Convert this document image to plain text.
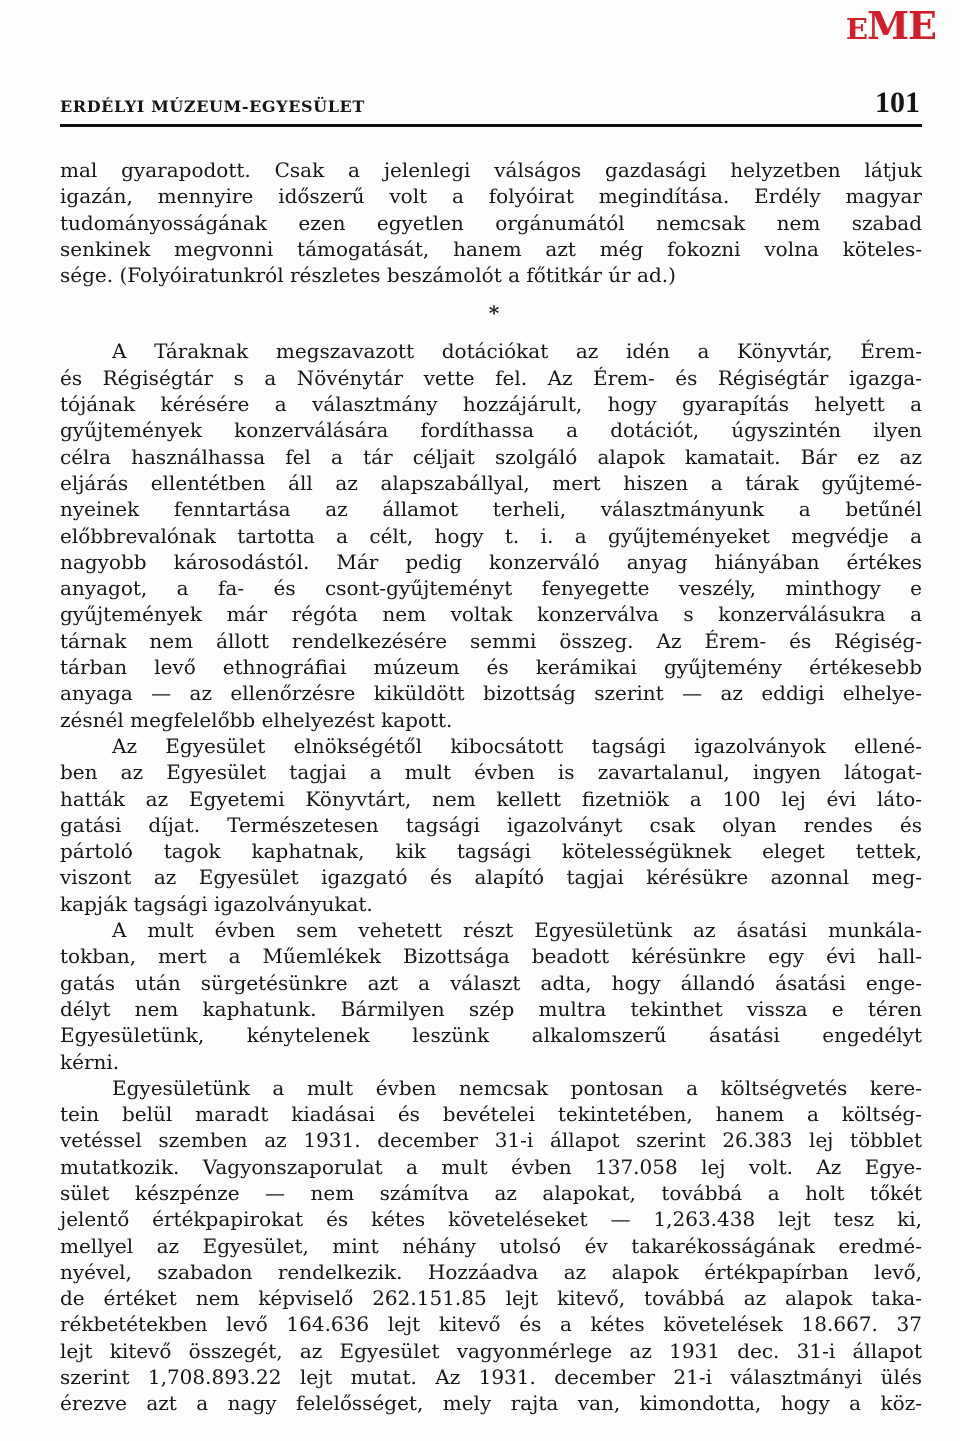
EME
ERDÉLYI MÚZEUM-EGYESÜLET	101
mal gyarapodott. Csak a jelenlegi válságos gazdasági helyzetben látjuk
igazán, mennyire időszerű volt a folyóirat megindítása. Erdély magyar
tudományosságának ezen egyetlen orgánumától nemcsak nem szabad
senkinek megvonni támogatását, hanem azt még fokozni volna köteles-
sége. (Folyóiratunkról részletes beszámolót a főtitkár úr ad.)
*
A Táraknak megszavazott dotációkat az idén a Könyvtár, Érem-
és Régiségtár s a Növénytár vette fel. Az Érem- és Régiségtár igazga-
tójának kérésére a választmány hozzájárult, hogy gyarapítás helyett a
gyűjtemények konzerválására fordíthassa a dotációt, úgyszintén ilyen
célra használhassa fel a tár céljait szolgáló alapok kamatait. Bár ez az
eljárás ellentétben áll az alapszabállyal, mert hiszen a tárak gyűjtemé-
nyeinek fenntartása az államot terheli, választmányunk a betűnél
előbbrevalónak tartotta a célt, hogy t. i. a gyűjteményeket megvédje a
nagyobb károsodástól. Már pedig konzerváló anyag hiányában értékes
anyagot, a fa- és csont-gyűjteményt fenyegette veszély, minthogy e
gyűjtemények már régóta nem voltak konzerválva s konzerválásukra a
tárnak nem állott rendelkezésére semmi összeg. Az Érem- és Régiség-
tárban levő ethnográfiai múzeum és kerámikai gyűjtemény értékesebb
anyaga — az ellenőrzésre kiküldött bizottság szerint — az eddigi elhelye-
zésnél megfelelőbb elhelyezést kapott.
Az Egyesület elnökségétől kibocsátott tagsági igazolványok ellené-
ben az Egyesület tagjai a mult évben is zavartalanul, ingyen látogat-
hatták az Egyetemi Könyvtárt, nem kellett fizetniök a 100 lej évi láto-
gatási díjat. Természetesen tagsági igazolványt csak olyan rendes és
pártoló tagok kaphatnak, kik tagsági kötelességüknek eleget tettek,
viszont az Egyesület igazgató és alapító tagjai kérésükre azonnal meg-
kapják tagsági igazolványukat.
A mult évben sem vehetett részt Egyesületünk az ásatási munkála-
tokban, mert a Műemlékek Bizottsága beadott kérésünkre egy évi hall-
gatás után sürgetésünkre azt a választ adta, hogy állandó ásatási enge-
délyt nem kaphatunk. Bármilyen szép multra tekinthet vissza e téren
Egyesületünk, kénytelenek leszünk alkalomszerű ásatási engedélyt
kérni.
Egyesületünk a mult évben nemcsak pontosan a költségvetés kere-
tein belül maradt kiadásai és bevételei tekintetében, hanem a költség-
vetéssel szemben az 1931. december 31-i állapot szerint 26.383 lej többlet
mutatkozik. Vagyonszaporulat a mult évben 137.058 lej volt. Az Egye-
sület készpénze — nem számítva az alapokat, továbbá a holt tőkét
jelentő értékpapirokat és kétes követeléseket — 1,263.438 lejt tesz ki,
mellyel az Egyesület, mint néhány utolsó év takarékosságának eredmé-
nyével, szabadon rendelkezik. Hozzáadva az alapok értékpapírban levő,
de értéket nem képviselő 262.151.85 lejt kitevő, továbbá az alapok taka-
rékbetétekben levő 164.636 lejt kitevő és a kétes követelések 18.667. 37
lejt kitevő összegét, az Egyesület vagyonmérlege az 1931 dec. 31-i állapot
szerint 1,708.893.22 lejt mutat. Az 1931. december 21-i választmányi ülés
érezve azt a nagy felelősséget, mely rajta van, kimondotta, hogy a köz-
